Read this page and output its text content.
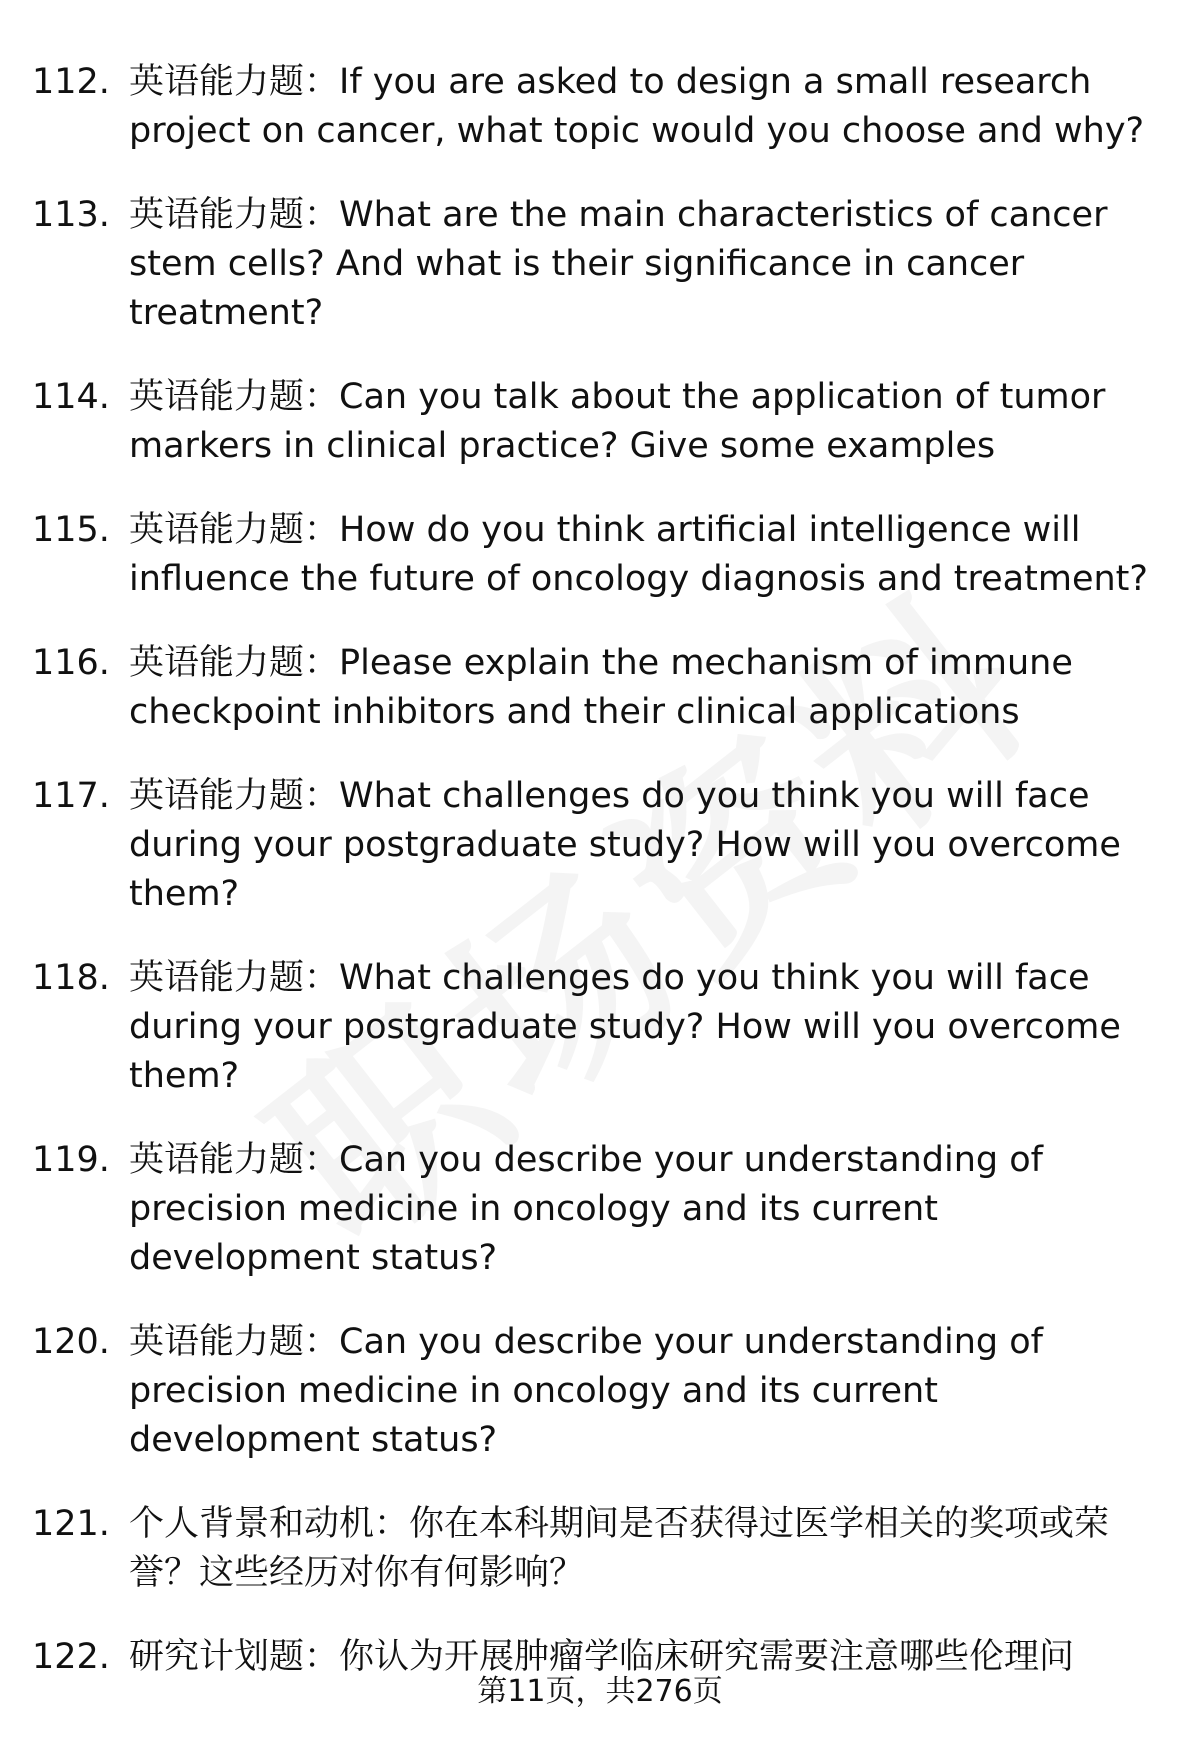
112. 英语能力题：If you are asked to design a small research project on cancer, what topic would you choose and why?
113. 英语能力题：What are the main characteristics of cancer stem cells? And what is their significance in cancer treatment?
114. 英语能力题：Can you talk about the application of tumor markers in clinical practice? Give some examples
115. 英语能力题：How do you think artificial intelligence will influence the future of oncology diagnosis and treatment?
116. 英语能力题：Please explain the mechanism of immune checkpoint inhibitors and their clinical applications
117. 英语能力题：What challenges do you think you will face during your postgraduate study? How will you overcome them?
118. 英语能力题：What challenges do you think you will face during your postgraduate study? How will you overcome them?
119. 英语能力题：Can you describe your understanding of precision medicine in oncology and its current development status?
120. 英语能力题：Can you describe your understanding of precision medicine in oncology and its current development status?
121. 个人背景和动机：你在本科期间是否获得过医学相关的奖项或荣誉？这些经历对你有何影响？
122. 研究计划题：你认为开展肿瘤学临床研究需要注意哪些伦理问
第11页，共276页
